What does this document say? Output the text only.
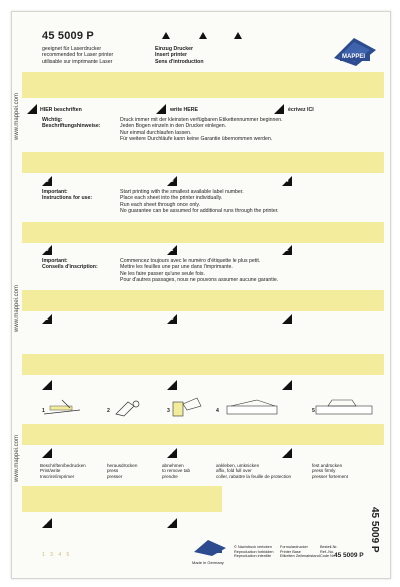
45 5009 P
geeignet für Laserdrucker
recommended for Laser printer
utilisable sur imprimante Laser
Einzug Drucker
Insert printer
Sens d'introduction
MAPPEI
www.mappei.com
www.mappei.com
www.mappei.com
HIER beschriften	write HERE	écrivez ICI
Wichtig:
Beschriftungshinweise:
Druck immer mit der kleinsten verfügbaren Etikettennummer beginnen.
Jeden Bogen einzeln in den Drucker einlegen.
Nur einmal durchlaufen lassen.
Für weitere Durchläufe kann keine Garantie übernommen werden.
16	15	14
Important:
Instructions for use:
Start printing with the smallest available label number.
Place each sheet into the printer individually.
Run each sheet through once only.
No guarantee can be assumed for additional runs through the printer.
10	11	12
Important:
Conseils d'inscription:
Commencez toujours avec le numéro d'étiquette le plus petit.
Mettre les feuilles une par une dans l'imprimante.
Ne les faire passer qu'une seule fois.
Pour d'autres passages, nous ne pouvons assumer aucune garantie.
11	10	9
8	7	6
1	2	3	4	5
3	2	1
Beschriften/bedrucken
Print/write
Inscrire/imprimer
herausdrücken
press
presser
abnehmen
to remove tab
prendre
ankleben, umknicken
affix, fold full over
coller, rabattre la feuille de protection
fest andrücken
press firmly
presser fortement
2	1	45 5009 P
1 3 4 5
Made in Germany
© Nachdruck verboten
Reproduction forbidden
Reproduction interdite
Formulardrucker
Printer Base
Etiketten Zeilenabstand
Bestell-Nr.
Ref.-No.
Code Nr. 45 5009 P
